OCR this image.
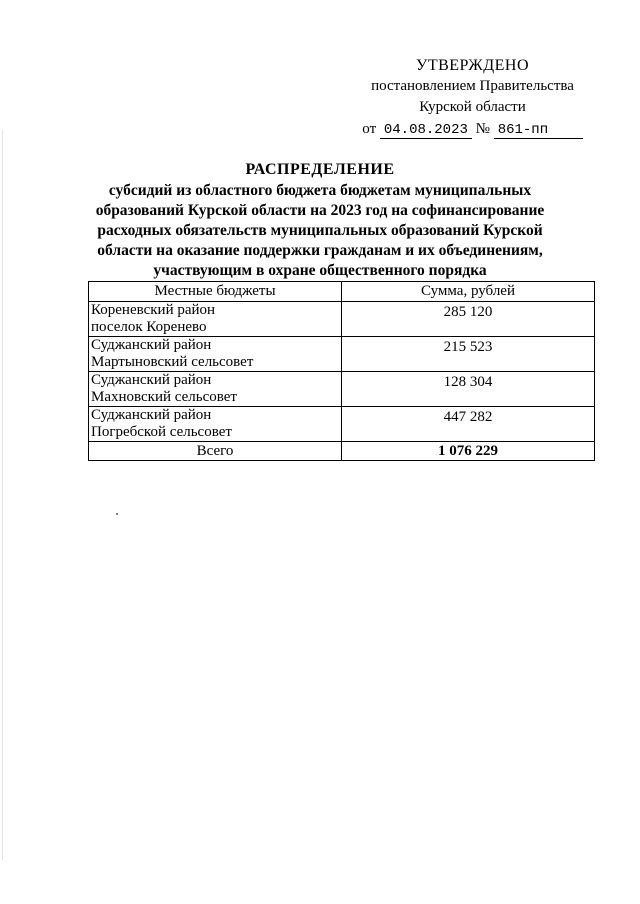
УТВЕРЖДЕНО
постановлением Правительства
Курской области
от 04.08.2023 № 861-пп
РАСПРЕДЕЛЕНИЕ
субсидий из областного бюджета бюджетам муниципальных
образований Курской области на 2023 год на софинансирование
расходных обязательств муниципальных образований Курской
области на оказание поддержки гражданам и их объединениям,
участвующим в охране общественного порядка
Местные бюджеты	Сумма, рублей

Кореневский район
поселок Коренево	285 120

Суджанский район
Мартыновский сельсовет	215 523

Суджанский район
Махновский сельсовет	128 304

Суджанский район
Погребской сельсовет	447 282
Всего	1 076 229
